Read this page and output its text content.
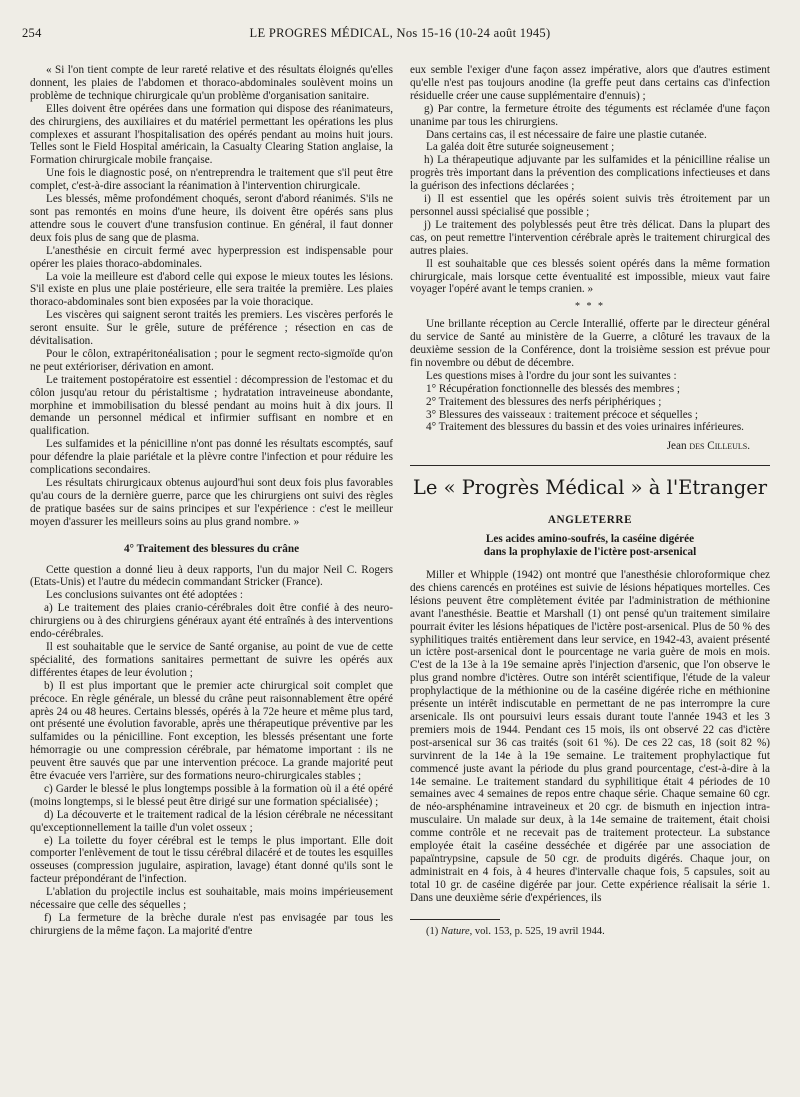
254	LE PROGRES MÉDICAL, Nos 15-16 (10-24 août 1945)

« Si l'on tient compte de leur rareté relative et des résultats éloignés qu'elles donnent, les plaies de l'abdomen et thoraco-abdominales soulèvent moins un problème de technique chirurgicale qu'un problème d'organisation sanitaire.

Elles doivent être opérées dans une formation qui dispose des réanimateurs, des chirurgiens, des auxiliaires et du matériel permettant les opérations les plus complexes et assurant l'hospitalisation des opérés pendant au moins huit jours. Telles sont le Field Hospital américain, la Casualty Clearing Station anglaise, la Formation chirurgicale mobile française.

Une fois le diagnostic posé, on n'entreprendra le traitement que s'il peut être complet, c'est-à-dire associant la réanimation à l'intervention chirurgicale.

Les blessés, même profondément choqués, seront d'abord réanimés. S'ils ne sont pas remontés en moins d'une heure, ils doivent être opérés sans plus attendre sous le couvert d'une transfusion continue. En général, il faut donner deux fois plus de sang que de plasma.

L'anesthésie en circuit fermé avec hyperpression est indispensable pour opérer les plaies thoraco-abdominales.

La voie la meilleure est d'abord celle qui expose le mieux toutes les lésions. S'il existe en plus une plaie postérieure, elle sera traitée la première. Les plaies thoraco-abdominales sont bien exposées par la voie thoracique.

Les viscères qui saignent seront traités les premiers. Les viscères perforés le seront ensuite. Sur le grêle, suture de préférence ; résection en cas de dévitalisation.

Pour le côlon, extrapéritonéalisation ; pour le segment recto-sigmoïde qu'on ne peut extérioriser, dérivation en amont.

Le traitement postopératoire est essentiel : décompression de l'estomac et du côlon jusqu'au retour du péristaltisme ; hydratation intraveineuse abondante, morphine et immobilisation du blessé pendant au moins huit à dix jours. Il demande un personnel médical et infirmier suffisant en nombre et en qualification.

Les sulfamides et la pénicilline n'ont pas donné les résultats escomptés, sauf pour défendre la plaie pariétale et la plèvre contre l'infection et pour réduire les complications secondaires.

Les résultats chirurgicaux obtenus aujourd'hui sont deux fois plus favorables qu'au cours de la dernière guerre, parce que les chirurgiens ont suivi des règles de pratique basées sur de sains principes et sur l'expérience : c'est le meilleur moyen d'assurer les meilleurs soins au plus grand nombre. »

4° Traitement des blessures du crâne

Cette question a donné lieu à deux rapports, l'un du major Neil C. Rogers (Etats-Unis) et l'autre du médecin commandant Stricker (France).

Les conclusions suivantes ont été adoptées :

a) Le traitement des plaies cranio-cérébrales doit être confié à des neuro-chirurgiens ou à des chirurgiens généraux ayant été entraînés à des interventions endo-cérébrales.

Il est souhaitable que le service de Santé organise, au point de vue de cette spécialité, des formations sanitaires permettant de suivre les opérés aux différentes étapes de leur évolution ;

b) Il est plus important que le premier acte chirurgical soit complet que précoce. En règle générale, un blessé du crâne peut raisonnablement être opéré après 24 ou 48 heures. Certains blessés, opérés à la 72e heure et même plus tard, ont présenté une évolution favorable, après une thérapeutique préventive par les sulfamides ou la pénicilline. Font exception, les blessés présentant une forte hémorragie ou une compression cérébrale, par hématome important : ils ne peuvent être sauvés que par une intervention précoce. La grande majorité peut être évacuée vers l'arrière, sur des formations neuro-chirurgicales stables ;

c) Garder le blessé le plus longtemps possible à la formation où il a été opéré (moins longtemps, si le blessé peut être dirigé sur une formation spécialisée) ;

d) La découverte et le traitement radical de la lésion cérébrale ne nécessitant qu'exceptionnellement la taille d'un volet osseux ;

e) La toilette du foyer cérébral est le temps le plus important. Elle doit comporter l'enlèvement de tout le tissu cérébral dilacéré et de toutes les esquilles osseuses (compression jugulaire, aspiration, lavage) étant donné qu'ils sont le facteur prépondérant de l'infection.

L'ablation du projectile inclus est souhaitable, mais moins impérieusement nécessaire que celle des séquelles ;

f) La fermeture de la brèche durale n'est pas envisagée par tous les chirurgiens de la même façon. La majorité d'entre

eux semble l'exiger d'une façon assez impérative, alors que d'autres estiment qu'elle n'est pas toujours anodine (la greffe peut dans certains cas d'infection résiduelle créer une cause supplémentaire d'ennuis) ;

g) Par contre, la fermeture étroite des téguments est réclamée d'une façon unanime par tous les chirurgiens.

Dans certains cas, il est nécessaire de faire une plastie cutanée.

La galéa doit être suturée soigneusement ;

h) La thérapeutique adjuvante par les sulfamides et la pénicilline réalise un progrès très important dans la prévention des complications infectieuses et dans la guérison des infections déclarées ;

i) Il est essentiel que les opérés soient suivis très étroitement par un personnel aussi spécialisé que possible ;

j) Le traitement des polyblessés peut être très délicat. Dans la plupart des cas, on peut remettre l'intervention cérébrale après le traitement chirurgical des autres plaies.

Il est souhaitable que ces blessés soient opérés dans la même formation chirurgicale, mais lorsque cette éventualité est impossible, mieux vaut faire voyager l'opéré avant le temps cranien. »

* * *

Une brillante réception au Cercle Interallié, offerte par le directeur général du service de Santé au ministère de la Guerre, a clôturé les travaux de la deuxième session de la Conférence, dont la troisième session est prévue pour fin novembre ou début de décembre.

Les questions mises à l'ordre du jour sont les suivantes :

1° Récupération fonctionnelle des blessés des membres ;

2° Traitement des blessures des nerfs périphériques ;

3° Blessures des vaisseaux : traitement précoce et séquelles ;

4° Traitement des blessures du bassin et des voies urinaires inférieures.

Jean des Cilleuls.

Le « Progrès Médical » à l'Etranger
ANGLETERRE
Les acides amino-soufrés, la caséine digérée
dans la prophylaxie de l'ictère post-arsenical

Miller et Whipple (1942) ont montré que l'anesthésie chloroformique chez des chiens carencés en protéines est suivie de lésions hépatiques mortelles. Ces lésions peuvent être complètement évitée par l'administration de méthionine avant l'anesthésie. Beattie et Marshall (1) ont pensé qu'un traitement similaire pourrait éviter les lésions hépatiques de l'ictère post-arsenical. Plus de 50 % des syphilitiques traités entièrement dans leur service, en 1942-43, avaient présenté un ictère post-arsenical dont le pourcentage ne varia guère de mois en mois. C'est de la 13e à la 19e semaine après l'injection d'arsenic, que l'on observe le plus grand nombre d'ictères. Outre son intérêt scientifique, l'étude de la valeur prophylactique de la méthionine ou de la caséine digérée riche en méthionine présente un intérêt indiscutable en permettant de ne pas interrompre la cure arsenicale. Ils ont poursuivi leurs essais durant toute l'année 1943 et les 3 premiers mois de 1944. Pendant ces 15 mois, ils ont observé 22 cas d'ictère post-arsenical sur 36 cas traités (soit 61 %). De ces 22 cas, 18 (soit 82 %) survinrent de la 14e à la 19e semaine. Le traitement prophylactique fut commencé juste avant la période du plus grand pourcentage, c'est-à-dire à la 14e semaine. Le traitement standard du syphilitique était 4 périodes de 10 semaines avec 4 semaines de repos entre chaque série. Chaque semaine 60 cgr. de néo-arsphénamine intraveineux et 20 cgr. de bismuth en injection intra-musculaire. Un malade sur deux, à la 14e semaine de traitement, était choisi comme contrôle et ne recevait pas de traitement protecteur. La substance employée était la caséine desséchée et digérée par une association de papaïntrypsine, capsule de 50 cgr. de produits digérés. Chaque jour, on administrait en 4 fois, à 4 heures d'intervalle chaque fois, 5 capsules, soit au total 10 gr. de caséine digérée par jour. Cette expérience réalisait la série 1. Dans une deuxième série d'expériences, ils

(1) Nature, vol. 153, p. 525, 19 avril 1944.
